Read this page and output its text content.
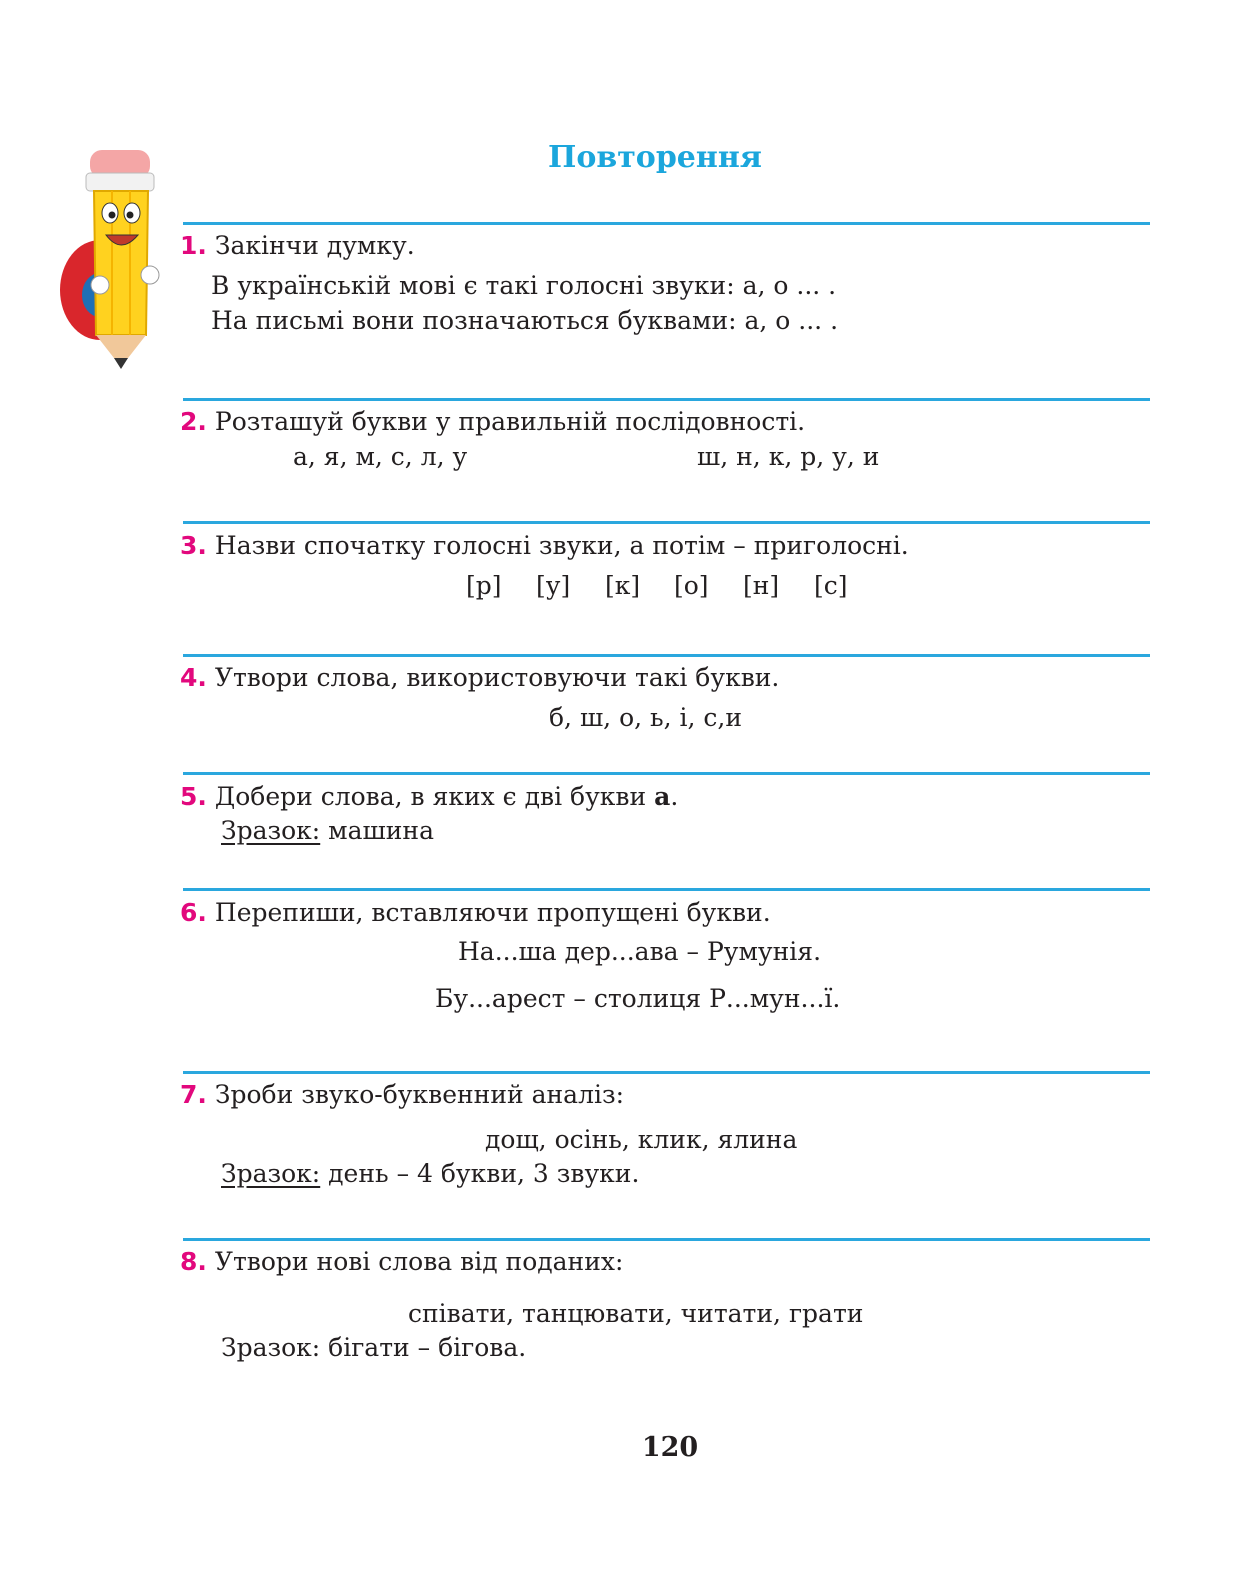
Повторення
1. Закінчи думку.
В українській мові є такі голосні звуки: а, о ... .
На письмі вони позначаються буквами: а, о ... .
2. Розташуй букви у правильній послідовності.
а, я, м, с, л, у	ш, н, к, р, у, и
3. Назви спочатку голосні звуки, а потім – приголосні.
[р] [у] [к] [о] [н] [с]
4. Утвори слова, використовуючи такі букви.
б, ш, о, ь, і, с,и
5. Добери слова, в яких є дві букви а.
Зразок: машина
6. Перепиши, вставляючи пропущені букви.
На...ша дер...ава – Румунія.
Бу...арест – столиця Р...мун...ї.
7. Зроби звуко-буквенний аналіз:
дощ, осінь, клик, ялина
Зразок: день – 4 букви, 3 звуки.
8. Утвори нові слова від поданих:
співати, танцювати, читати, грати
Зразок: бігати – бігова.
120
